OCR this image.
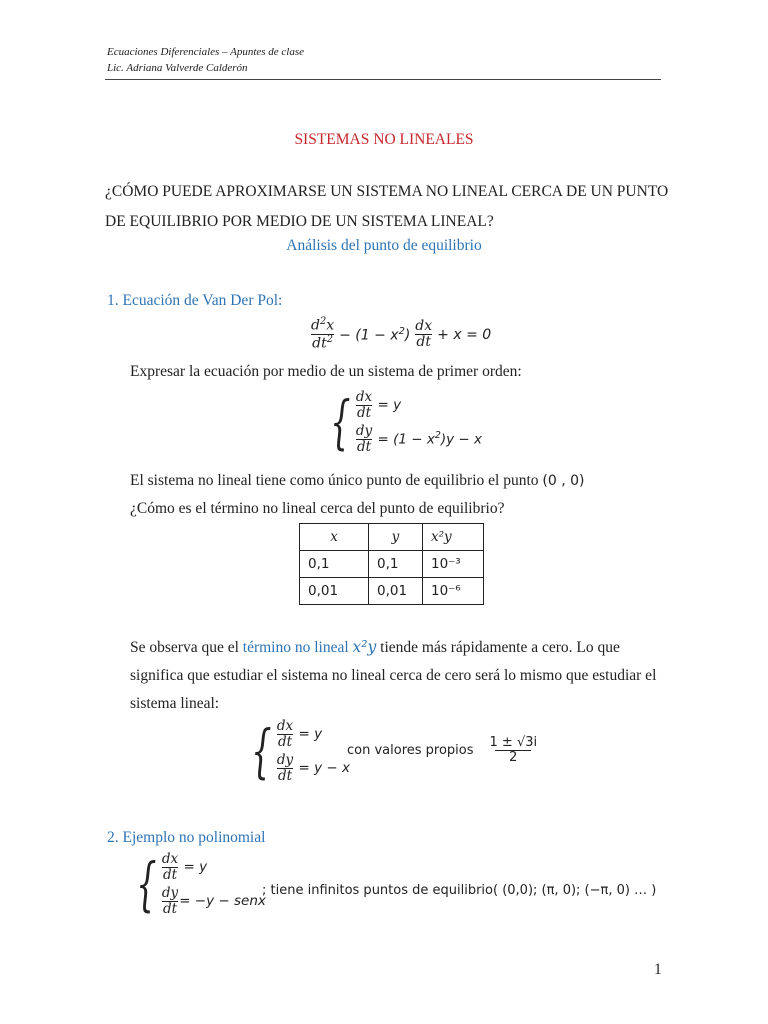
Ecuaciones Diferenciales – Apuntes de clase
Lic. Adriana Valverde Calderón
SISTEMAS NO LINEALES
¿CÓMO PUEDE APROXIMARSE UN SISTEMA NO LINEAL CERCA DE UN PUNTO
DE EQUILIBRIO POR MEDIO DE UN SISTEMA LINEAL?
Análisis del punto de equilibrio
1. Ecuación de Van Der Pol:
$\frac{d^2x}{dt^2} - (1 - x^2) \frac{dx}{dt} + x = 0$
Expresar la ecuación por medio de un sistema de primer orden:
{ $\frac{dx}{dt} = y$
$\frac{dy}{dt} = (1 - x^2)y - x$
El sistema no lineal tiene como único punto de equilibrio el punto (0 , 0)
¿Cómo es el término no lineal cerca del punto de equilibrio?
x	y	x²y
0,1	0,1	10⁻³
0,01	0,01	10⁻⁶
Se observa que el término no lineal x²y tiende más rápidamente a cero. Lo que
significa que estudiar el sistema no lineal cerca de cero será lo mismo que estudiar el
sistema lineal:
{ $\frac{dx}{dt} = y$
$\frac{dy}{dt} = y - x$
con valores propios $\frac{1 \pm √3i}{2}$
2. Ejemplo no polinomial
{ $\frac{dx}{dt} = y$
$\frac{dy}{dt} = -y$ − senx
; tiene infinitos puntos de equilibrio( (0,0); (π, 0); (−π, 0) … )
1
